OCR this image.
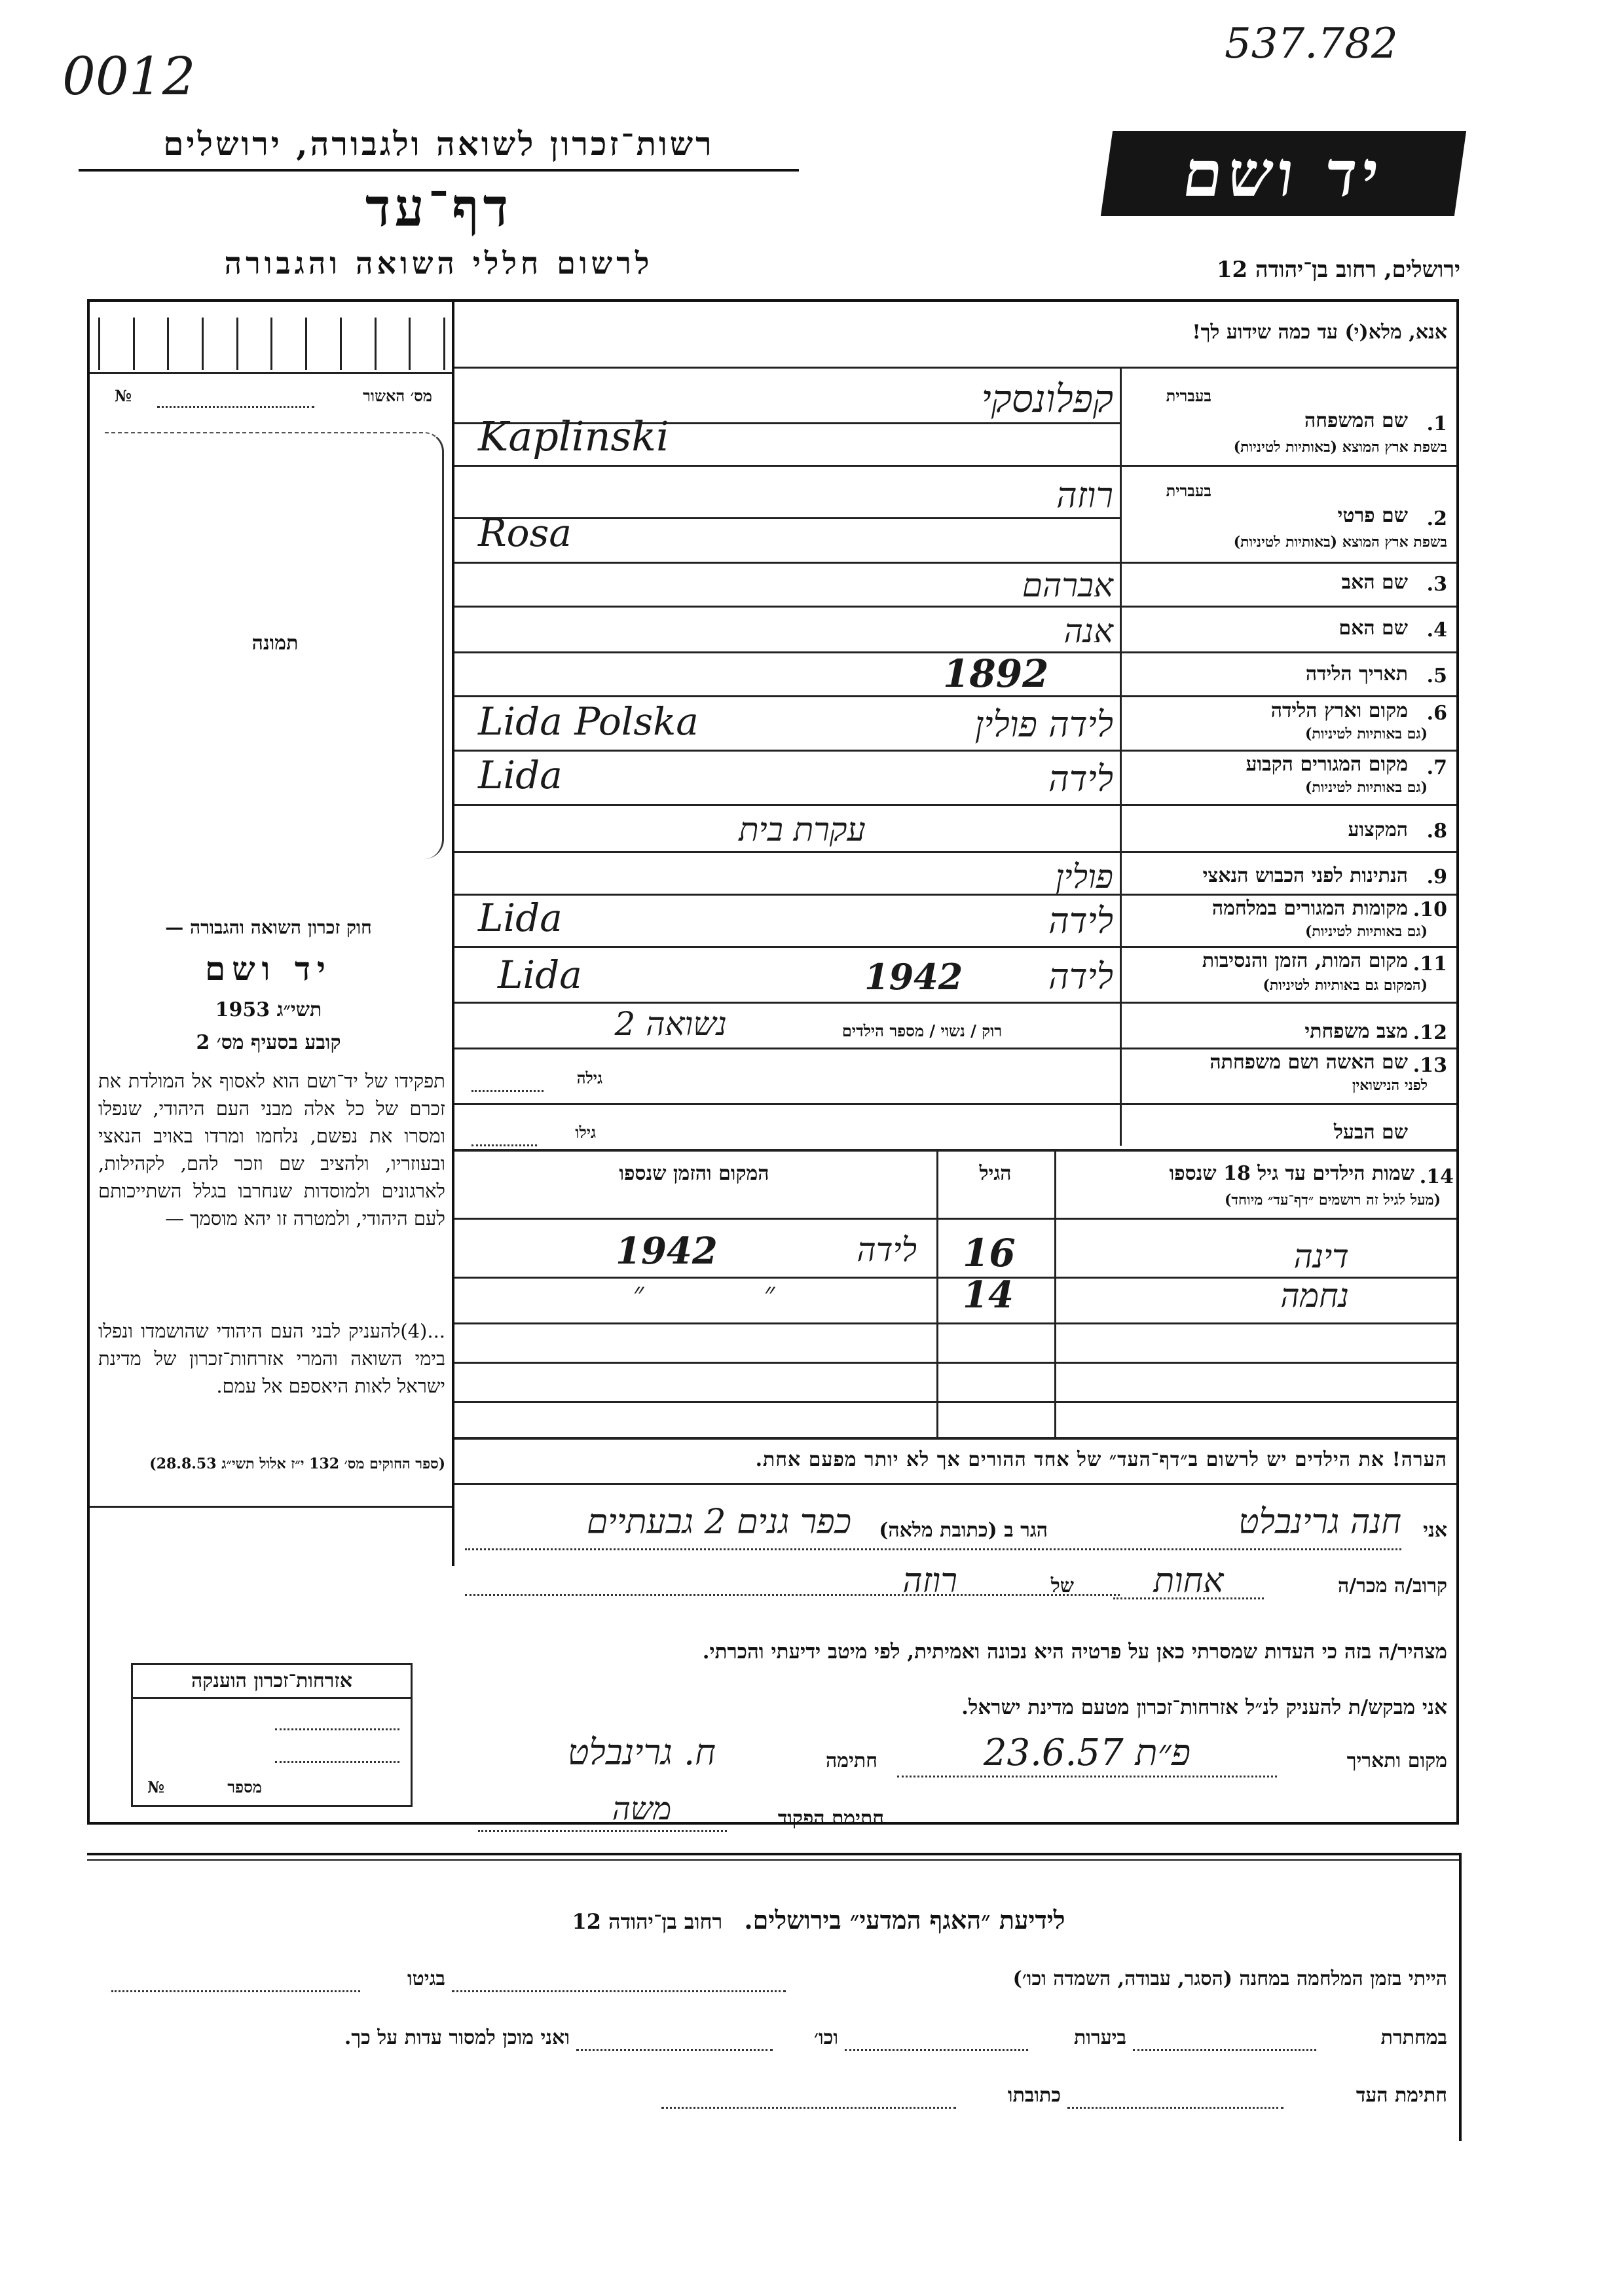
0012
537.782
רשות־זכרון לשואה ולגבורה, ירושלים
דף־עד
לרשום חללי השואה והגבורה
יד ושם
ירושלים, רחוב בן־יהודה 12
מס׳ האשור
№
תמונה
חוק זכרון השואה והגבורה —
יד ושם
תשי״ג 1953
קובע בסעיף מס׳ 2
תפקידו של יד־ושם הוא לאסוף אל המולדת את זכרם של כל אלה מבני העם היהודי, שנפלו ומסרו את נפשם, נלחמו ומרדו באויב הנאצי ובעוזריו, ולהציב שם וזכר להם, לקהילות, לארגונים ולמוסדות שנחרבו בגלל השתייכותם לעם היהודי, ולמטרה זו יהא מוסמך —
...(4)להעניק לבני העם היהודי שהושמדו ונפלו בימי השואה והמרי אזרחות־זכרון של מדינת ישראל לאות היאספם אל עמם.
(ספר החוקים מס׳ 132 י״ז אלול תשי״ג 28.8.53)
אנא, מלא(י) עד כמה שידוע לך!
בעברית
1.
שם המשפחה
בשפת ארץ המוצא (באותיות לטיניות)
קפלונסקי
Kaplinski
בעברית
2.
שם פרטי
בשפת ארץ המוצא (באותיות לטיניות)
רוזה
Rosa
3.
שם האב
אברהם
4.
שם האם
אנה
5.
תאריך הלידה
1892
6.
מקום וארץ הלידה
(גם באותיות לטיניות)
לידה פולין
Lida Polska
7.
מקום המגורים הקבוע
(גם באותיות לטיניות)
לידה
Lida
8.
המקצוע
עקרת בית
9.
הנתינות לפני הכבוש הנאצי
פולין
10.
מקומות המגורים במלחמה
(גם באותיות לטיניות)
לידה
Lida
11.
מקום המות, הזמן והנסיבות
(המקום גם באותיות לטיניות)
לידה
1942
Lida
12.
מצב משפחתי
רוק / נשוי / מספר הילדים
נשואה 2
13.
שם האשה ושם משפחתה
לפני הנישואין
גילה
שם הבעל
גילו
14.
שמות הילדים עד גיל 18 שנספו
(מעל לגיל זה רושמים ״דף־עד״ מיוחד)
הגיל
המקום והזמן שנספו
דינה
16
לידה
1942
נחמה
14
״
״
הערה! את הילדים יש לרשום ב״דף־העד״ של אחד ההורים אך לא יותר מפעם אחת.
אני
חנה גרינבלט
הגר ב (כתובת מלאה)
כפר גנים 2 גבעתיים
קרוב/ה מכר/ה
אחות
של
רוזה
מצהיר/ה בזה כי העדות שמסרתי כאן על פרטיה היא נכונה ואמיתית, לפי מיטב ידיעתי והכרתי.
אני מבקש/ת להעניק לנ״ל אזרחות־זכרון מטעם מדינת ישראל.
מקום ותאריך
פ״ת 23.6.57
חתימה
ח. גרינבלט
חתימת הפקוד
משה
אזרחות־זכרון הוענקה
מספר
№
לידיעת ״האגף המדעי״ בירושלים. רחוב בן־יהודה 12
הייתי בזמן המלחמה במחנה (הסגר, עבודה, השמדה וכו׳)
בגיטו
במחתרת
ביערות
וכו׳
ואני מוכן למסור עדות על כך.
חתימת העד
כתובתו
